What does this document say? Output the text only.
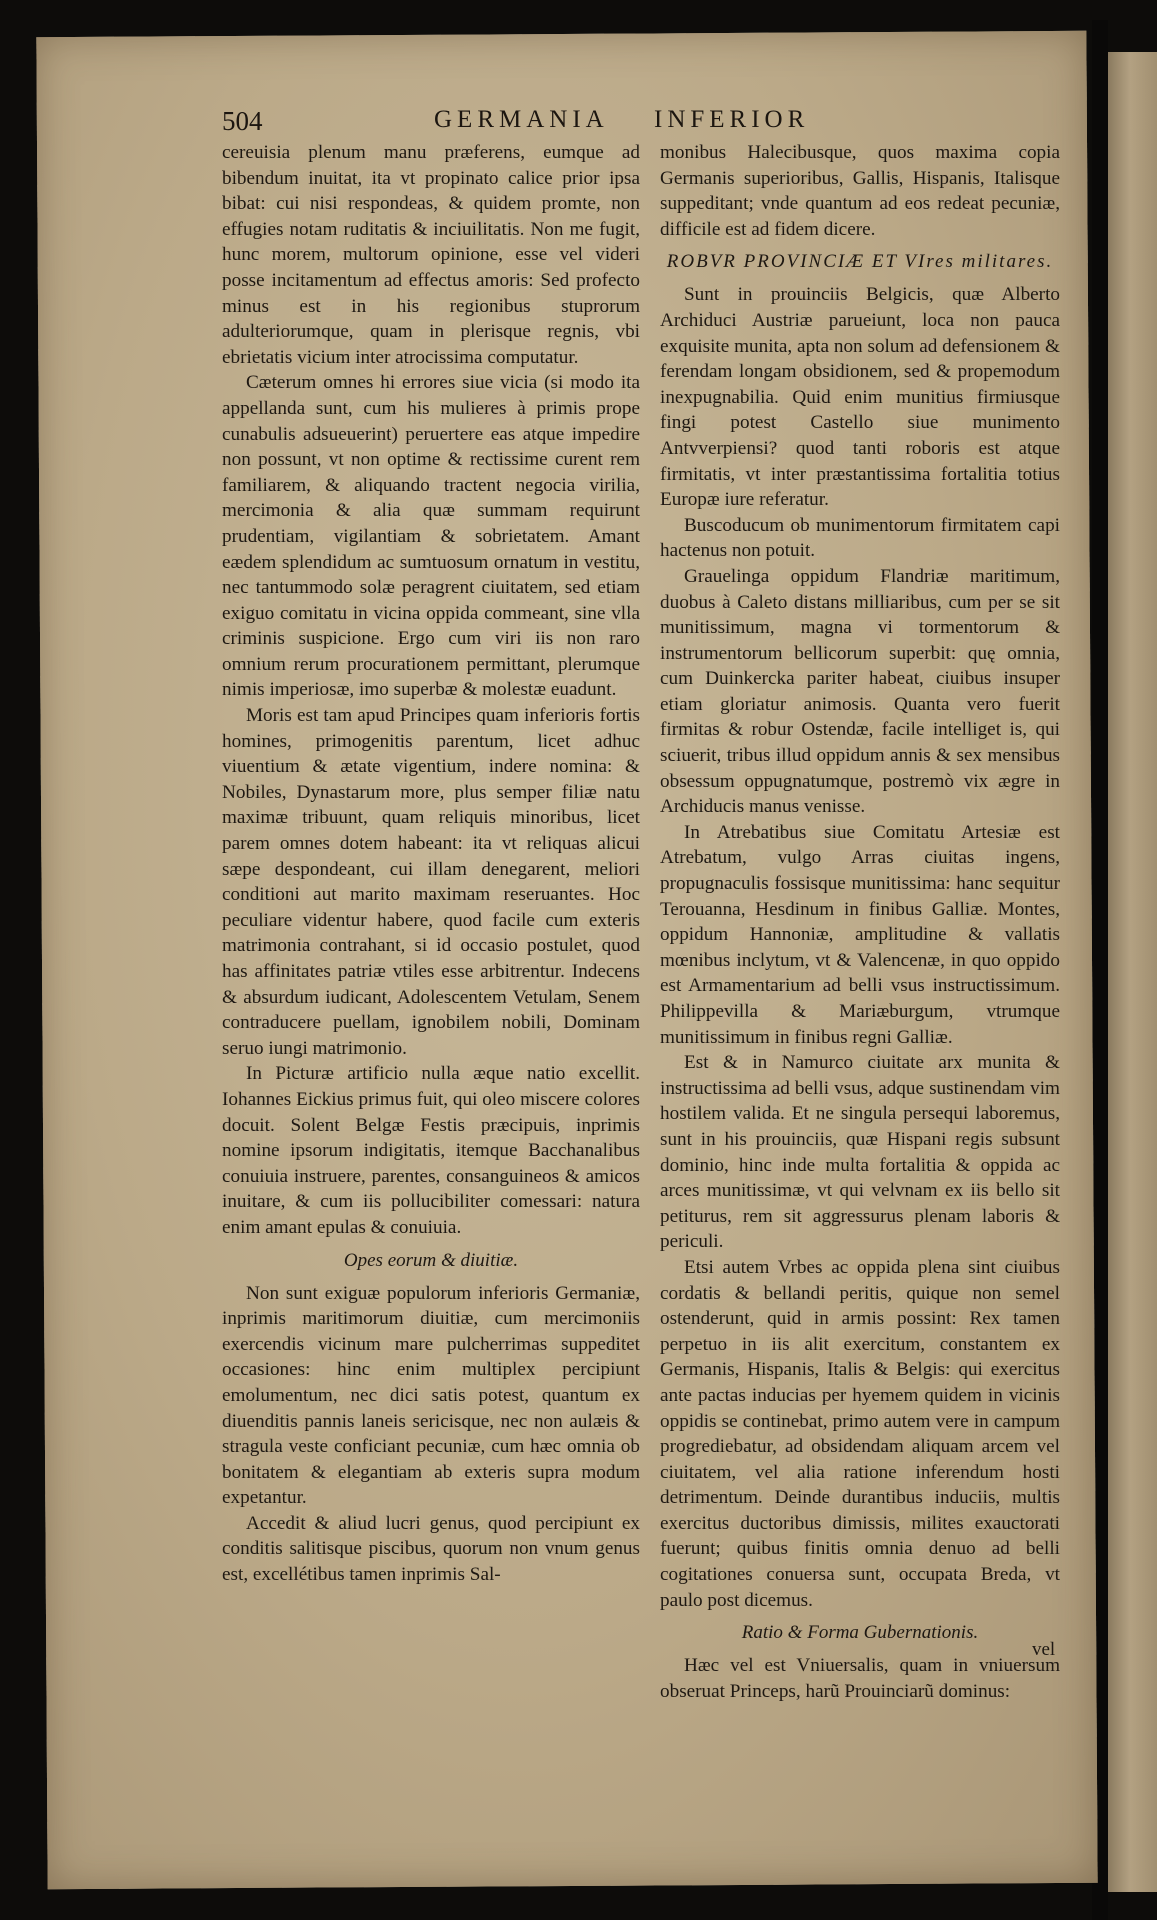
504	GERMANIA INFERIOR

cereuisia plenum manu præferens, eumque ad bibendum inuitat, ita vt propinato calice prior ipsa bibat: cui nisi respondeas, & quidem promte, non effugies notam ruditatis & inciuilitatis. Non me fugit, hunc morem, multorum opinione, esse vel videri posse incitamentum ad effectus amoris: Sed profecto minus est in his regionibus stuprorum adulteriorumque, quam in plerisque regnis, vbi ebrietatis vicium inter atrocissima computatur.

Cæterum omnes hi errores siue vicia (si modo ita appellanda sunt, cum his mulieres à primis prope cunabulis adsueuerint) peruertere eas atque impedire non possunt, vt non optime & rectissime curent rem familiarem, & aliquando tractent negocia virilia, mercimonia & alia quæ summam requirunt prudentiam, vigilantiam & sobrietatem. Amant eædem splendidum ac sumtuosum ornatum in vestitu, nec tantummodo solæ peragrent ciuitatem, sed etiam exiguo comitatu in vicina oppida commeant, sine vlla criminis suspicione. Ergo cum viri iis non raro omnium rerum procurationem permittant, plerumque nimis imperiosæ, imo superbæ & molestæ euadunt.

Moris est tam apud Principes quam inferioris fortis homines, primogenitis parentum, licet adhuc viuentium & ætate vigentium, indere nomina: & Nobiles, Dynastarum more, plus semper filiæ natu maximæ tribuunt, quam reliquis minoribus, licet parem omnes dotem habeant: ita vt reliquas alicui sæpe despondeant, cui illam denegarent, meliori conditioni aut marito maximam reseruantes. Hoc peculiare videntur habere, quod facile cum exteris matrimonia contrahant, si id occasio postulet, quod has affinitates patriæ vtiles esse arbitrentur. Indecens & absurdum iudicant, Adolescentem Vetulam, Senem contraducere puellam, ignobilem nobili, Dominam seruo iungi matrimonio.

In Picturæ artificio nulla æque natio excellit. Iohannes Eickius primus fuit, qui oleo miscere colores docuit. Solent Belgæ Festis præcipuis, inprimis nomine ipsorum indigitatis, itemque Bacchanalibus conuiuia instruere, parentes, consanguineos & amicos inuitare, & cum iis pollucibiliter comessari: natura enim amant epulas & conuiuia.

Opes eorum & diuitiæ.

Non sunt exiguæ populorum inferioris Germaniæ, inprimis maritimorum diuitiæ, cum mercimoniis exercendis vicinum mare pulcherrimas suppeditet occasiones: hinc enim multiplex percipiunt emolumentum, nec dici satis potest, quantum ex diuenditis pannis laneis sericisque, nec non aulæis & stragula veste conficiant pecuniæ, cum hæc omnia ob bonitatem & elegantiam ab exteris supra modum expetantur.

Accedit & aliud lucri genus, quod percipiunt ex conditis salitisque piscibus, quorum non vnum genus est, excellétibus tamen inprimis Sal-

monibus Halecibusque, quos maxima copia Germanis superioribus, Gallis, Hispanis, Italisque suppeditant; vnde quantum ad eos redeat pecuniæ, difficile est ad fidem dicere.

ROBVR PROVINCIÆ ET VIres militares.

Sunt in prouinciis Belgicis, quæ Alberto Archiduci Austriæ parueiunt, loca non pauca exquisite munita, apta non solum ad defensionem & ferendam longam obsidionem, sed & propemodum inexpugnabilia. Quid enim munitius firmiusque fingi potest Castello siue munimento Antvverpiensi? quod tanti roboris est atque firmitatis, vt inter præstantissima fortalitia totius Europæ iure referatur.

Buscoducum ob munimentorum firmitatem capi hactenus non potuit.

Grauelinga oppidum Flandriæ maritimum, duobus à Caleto distans milliaribus, cum per se sit munitissimum, magna vi tormentorum & instrumentorum bellicorum superbit: quę omnia, cum Duinkercka pariter habeat, ciuibus insuper etiam gloriatur animosis. Quanta vero fuerit firmitas & robur Ostendæ, facile intelliget is, qui sciuerit, tribus illud oppidum annis & sex mensibus obsessum oppugnatumque, postremò vix ægre in Archiducis manus venisse.

In Atrebatibus siue Comitatu Artesiæ est Atrebatum, vulgo Arras ciuitas ingens, propugnaculis fossisque munitissima: hanc sequitur Terouanna, Hesdinum in finibus Galliæ. Montes, oppidum Hannoniæ, amplitudine & vallatis mœnibus inclytum, vt & Valencenæ, in quo oppido est Armamentarium ad belli vsus instructissimum. Philippevilla & Mariæburgum, vtrumque munitissimum in finibus regni Galliæ.

Est & in Namurco ciuitate arx munita & instructissima ad belli vsus, adque sustinendam vim hostilem valida. Et ne singula persequi laboremus, sunt in his prouinciis, quæ Hispani regis subsunt dominio, hinc inde multa fortalitia & oppida ac arces munitissimæ, vt qui velvnam ex iis bello sit petiturus, rem sit aggressurus plenam laboris & periculi.

Etsi autem Vrbes ac oppida plena sint ciuibus cordatis & bellandi peritis, quique non semel ostenderunt, quid in armis possint: Rex tamen perpetuo in iis alit exercitum, constantem ex Germanis, Hispanis, Italis & Belgis: qui exercitus ante pactas inducias per hyemem quidem in vicinis oppidis se continebat, primo autem vere in campum progrediebatur, ad obsidendam aliquam arcem vel ciuitatem, vel alia ratione inferendum hosti detrimentum. Deinde durantibus induciis, multis exercitus ductoribus dimissis, milites exauctorati fuerunt; quibus finitis omnia denuo ad belli cogitationes conuersa sunt, occupata Breda, vt paulo post dicemus.

Ratio & Forma Gubernationis.

Hæc vel est Vniuersalis, quam in vniuersum obseruat Princeps, harũ Prouinciarũ dominus:

vel
